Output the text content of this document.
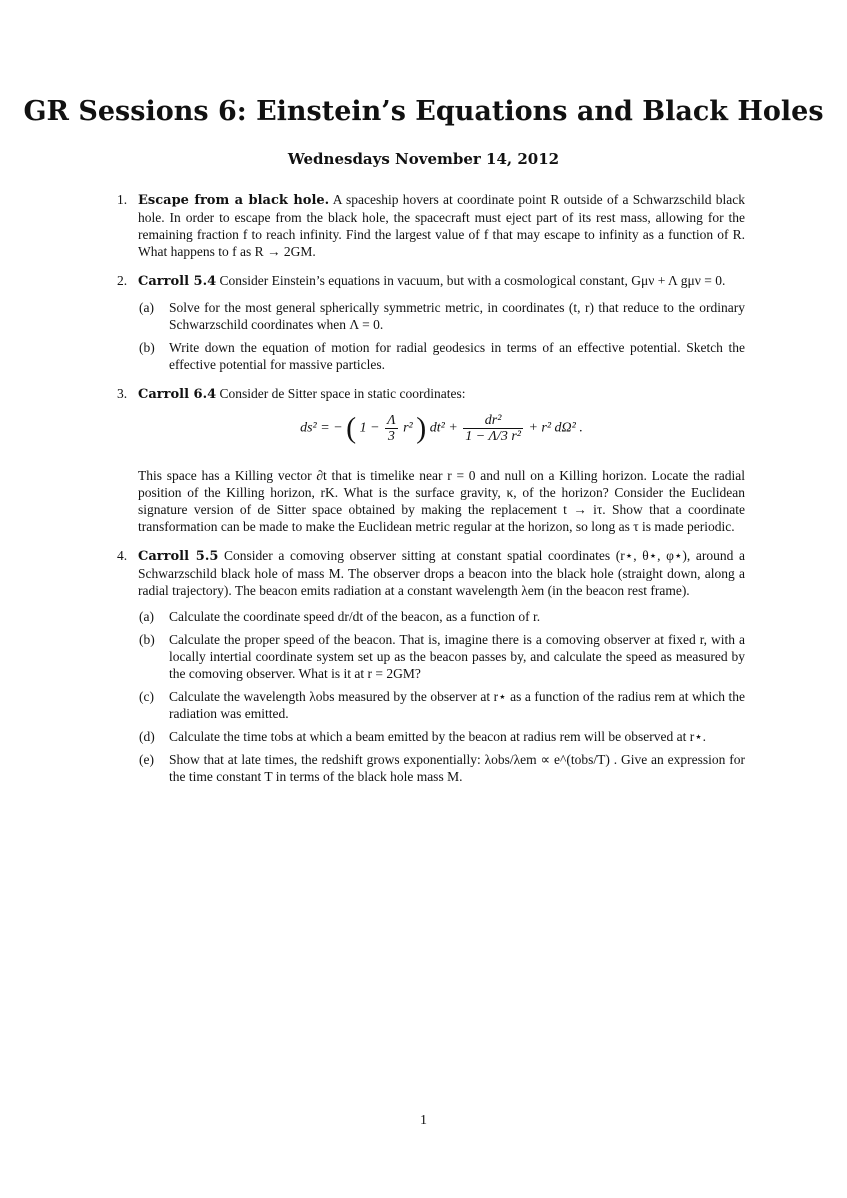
GR Sessions 6: Einstein’s Equations and Black Holes
Wednesdays November 14, 2012
1. Escape from a black hole. A spaceship hovers at coordinate point R outside of a Schwarzschild black hole. In order to escape from the black hole, the spacecraft must eject part of its rest mass, allowing for the remaining fraction f to reach infinity. Find the largest value of f that may escape to infinity as a function of R. What happens to f as R → 2GM.

2. Carroll 5.4 Consider Einstein’s equations in vacuum, but with a cosmological constant, Gμν + Λ gμν = 0.

(a) Solve for the most general spherically symmetric metric, in coordinates (t, r) that reduce to the ordinary Schwarzschild coordinates when Λ = 0.
(b) Write down the equation of motion for radial geodesics in terms of an effective potential. Sketch the effective potential for massive particles.
3. Carroll 6.4 Consider de Sitter space in static coordinates:

ds² = − ( $1 - \frac{\Lambda}{3} r^2$ ) $dt^2 + \frac{\text{dr²}}{\text{1 − Λ/3 r²}} + r^2$ dΩ² .

This space has a Killing vector ∂t that is timelike near r = 0 and null on a Killing horizon. Locate the radial position of the Killing horizon, rK. What is the surface gravity, κ, of the horizon? Consider the Euclidean signature version of de Sitter space obtained by making the replacement t → iτ. Show that a coordinate transformation can be made to make the Euclidean metric regular at the horizon, so long as τ is made periodic.

4. Carroll 5.5 Consider a comoving observer sitting at constant spatial coordinates (r⋆, θ⋆, φ⋆), around a Schwarzschild black hole of mass M. The observer drops a beacon into the black hole (straight down, along a radial trajectory). The beacon emits radiation at a constant wavelength λem (in the beacon rest frame).

(a) Calculate the coordinate speed dr/dt of the beacon, as a function of r.
(b) Calculate the proper speed of the beacon. That is, imagine there is a comoving observer at fixed r, with a locally intertial coordinate system set up as the beacon passes by, and calculate the speed as measured by the comoving observer. What is it at r = 2GM?
(c) Calculate the wavelength λobs measured by the observer at r⋆ as a function of the radius rem at which the radiation was emitted.
(d) Calculate the time tobs at which a beam emitted by the beacon at radius rem will be observed at r⋆.
(e) Show that at late times, the redshift grows exponentially: λobs/λem ∝ e^(tobs/T) . Give an expression for the time constant T in terms of the black hole mass M.
1
